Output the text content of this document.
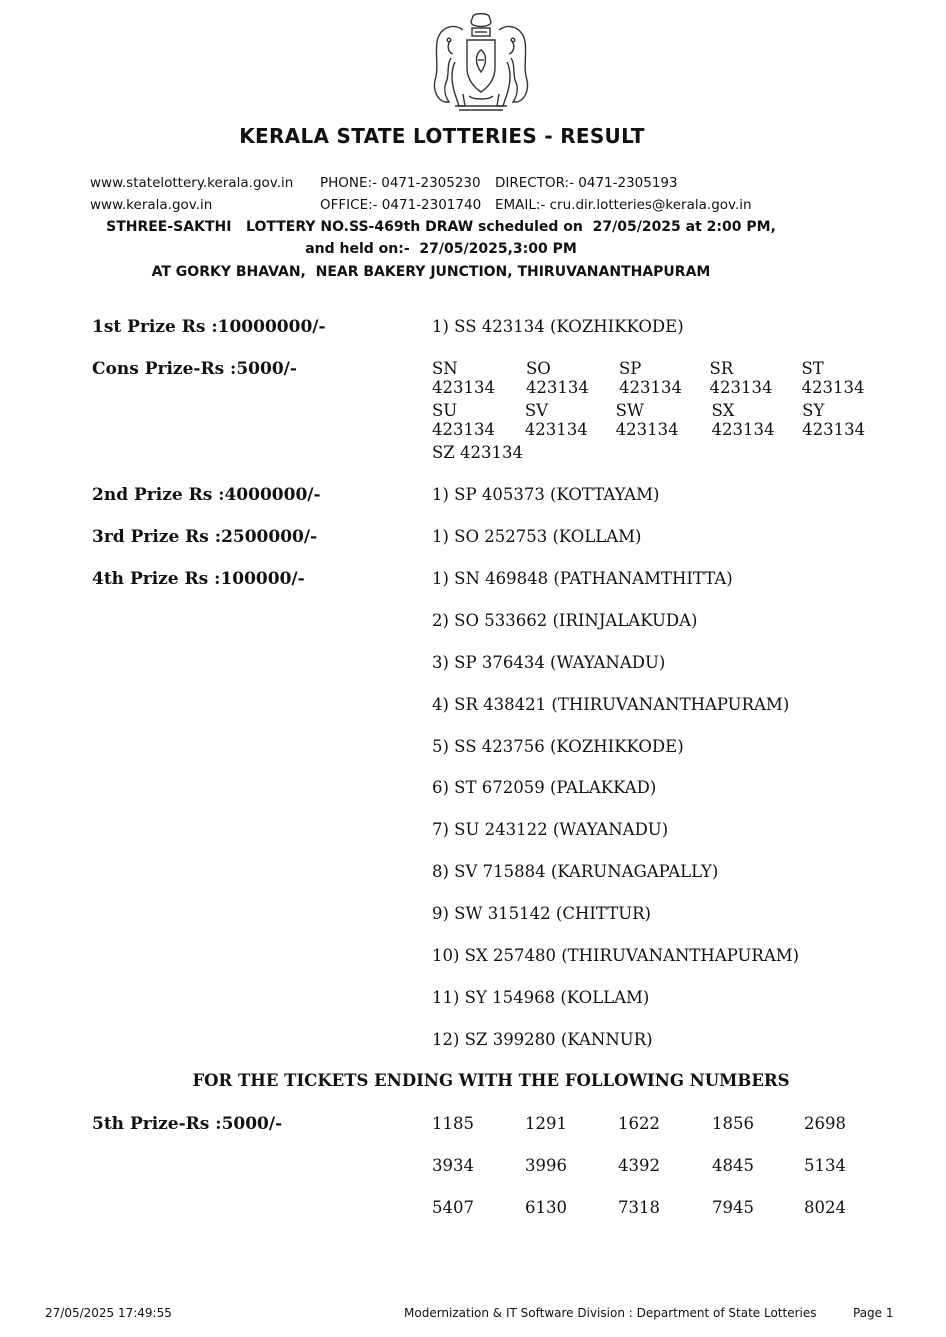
KERALA STATE LOTTERIES - RESULT
www.statelottery.kerala.gov.in
www.kerala.gov.in
PHONE:- 0471-2305230
OFFICE:- 0471-2301740
DIRECTOR:- 0471-2305193
EMAIL:- cru.dir.lotteries@kerala.gov.in
STHREE-SAKTHI   LOTTERY NO.SS-469th DRAW scheduled on  27/05/2025 at 2:00 PM,
and held on:-  27/05/2025,3:00 PM
AT GORKY BHAVAN,  NEAR BAKERY JUNCTION, THIRUVANANTHAPURAM
1st Prize Rs :10000000/-	1) SS 423134 (KOZHIKKODE)
Cons Prize-Rs :5000/-	SN 423134
SO 423134
SP 423134
SR 423134
ST 423134
SU 423134
SV 423134
SW 423134
SX 423134
SY 423134
SZ 423134
2nd Prize Rs :4000000/-	1) SP 405373 (KOTTAYAM)
3rd Prize Rs :2500000/-	1) SO 252753 (KOLLAM)
4th Prize Rs :100000/-	1) SN 469848 (PATHANAMTHITTA)
2) SO 533662 (IRINJALAKUDA)
3) SP 376434 (WAYANADU)
4) SR 438421 (THIRUVANANTHAPURAM)
5) SS 423756 (KOZHIKKODE)
6) ST 672059 (PALAKKAD)
7) SU 243122 (WAYANADU)
8) SV 715884 (KARUNAGAPALLY)
9) SW 315142 (CHITTUR)
10) SX 257480 (THIRUVANANTHAPURAM)
11) SY 154968 (KOLLAM)
12) SZ 399280 (KANNUR)
FOR THE TICKETS ENDING WITH THE FOLLOWING NUMBERS
5th Prize-Rs :5000/-	1185	1291	1622	1856	2698
3934	3996	4392	4845	5134
5407	6130	7318	7945	8024
27/05/2025 17:49:55	Modernization & IT Software Division : Department of State Lotteries	Page 1
